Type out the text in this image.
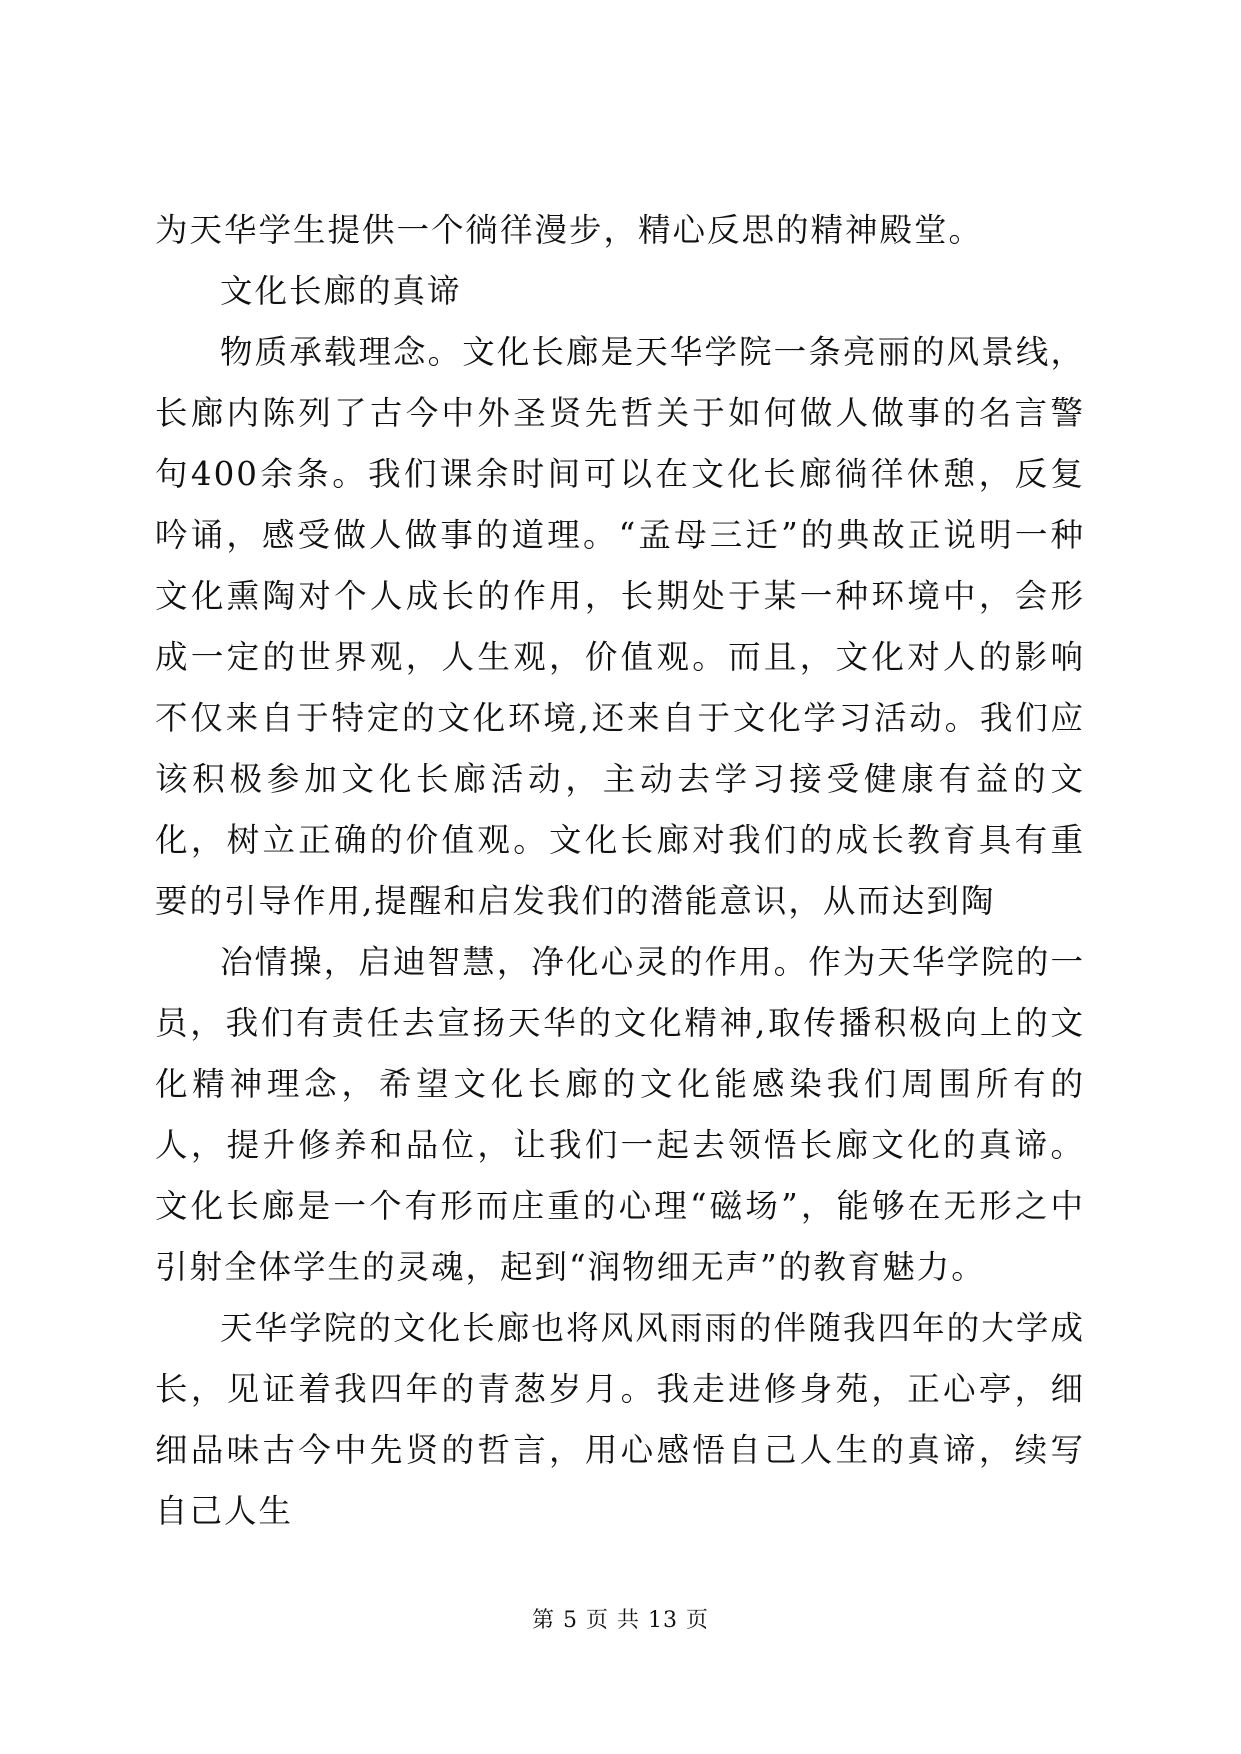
为天华学生提供一个徜徉漫步，精心反思的精神殿堂。

文化长廊的真谛

物质承载理念。文化长廊是天华学院一条亮丽的风景线，长廊内陈列了古今中外圣贤先哲关于如何做人做事的名言警句400余条。我们课余时间可以在文化长廊徜徉休憩，反复吟诵，感受做人做事的道理。“孟母三迁”的典故正说明一种文化熏陶对个人成长的作用，长期处于某一种环境中，会形成一定的世界观，人生观，价值观。而且，文化对人的影响不仅来自于特定的文化环境,还来自于文化学习活动。我们应该积极参加文化长廊活动，主动去学习接受健康有益的文化，树立正确的价值观。文化长廊对我们的成长教育具有重要的引导作用,提醒和启发我们的潜能意识，从而达到陶

冶情操，启迪智慧，净化心灵的作用。作为天华学院的一员，我们有责任去宣扬天华的文化精神,取传播积极向上的文化精神理念，希望文化长廊的文化能感染我们周围所有的人，提升修养和品位，让我们一起去领悟长廊文化的真谛。文化长廊是一个有形而庄重的心理“磁场”，能够在无形之中引射全体学生的灵魂，起到“润物细无声”的教育魅力。

天华学院的文化长廊也将风风雨雨的伴随我四年的大学成长，见证着我四年的青葱岁月。我走进修身苑，正心亭，细细品味古今中先贤的哲言，用心感悟自己人生的真谛，续写自己人生

第 5 页 共 13 页
